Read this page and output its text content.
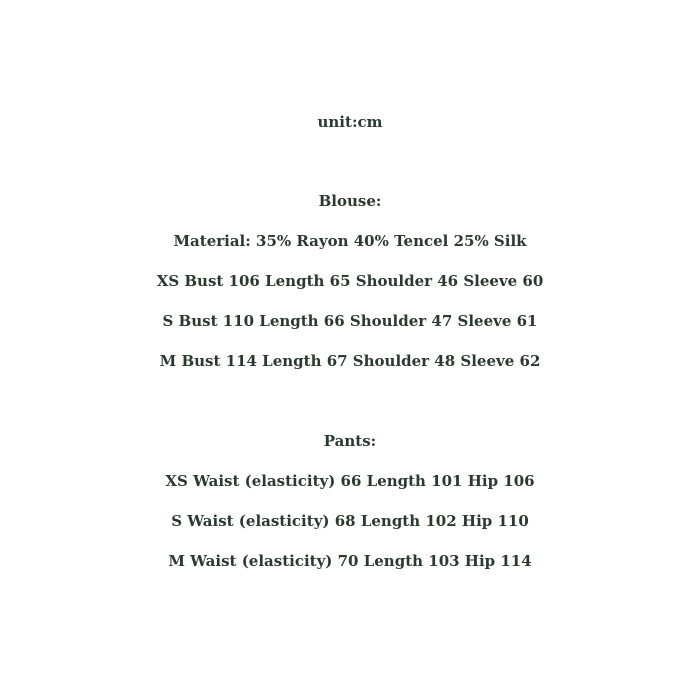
unit:cm

Blouse:

Material: 35% Rayon 40% Tencel 25% Silk

XS Bust 106 Length 65 Shoulder 46 Sleeve 60

S Bust 110 Length 66 Shoulder 47 Sleeve 61

M Bust 114 Length 67 Shoulder 48 Sleeve 62

Pants:

XS Waist (elasticity) 66 Length 101 Hip 106

S Waist (elasticity) 68 Length 102 Hip 110

M Waist (elasticity) 70 Length 103 Hip 114
